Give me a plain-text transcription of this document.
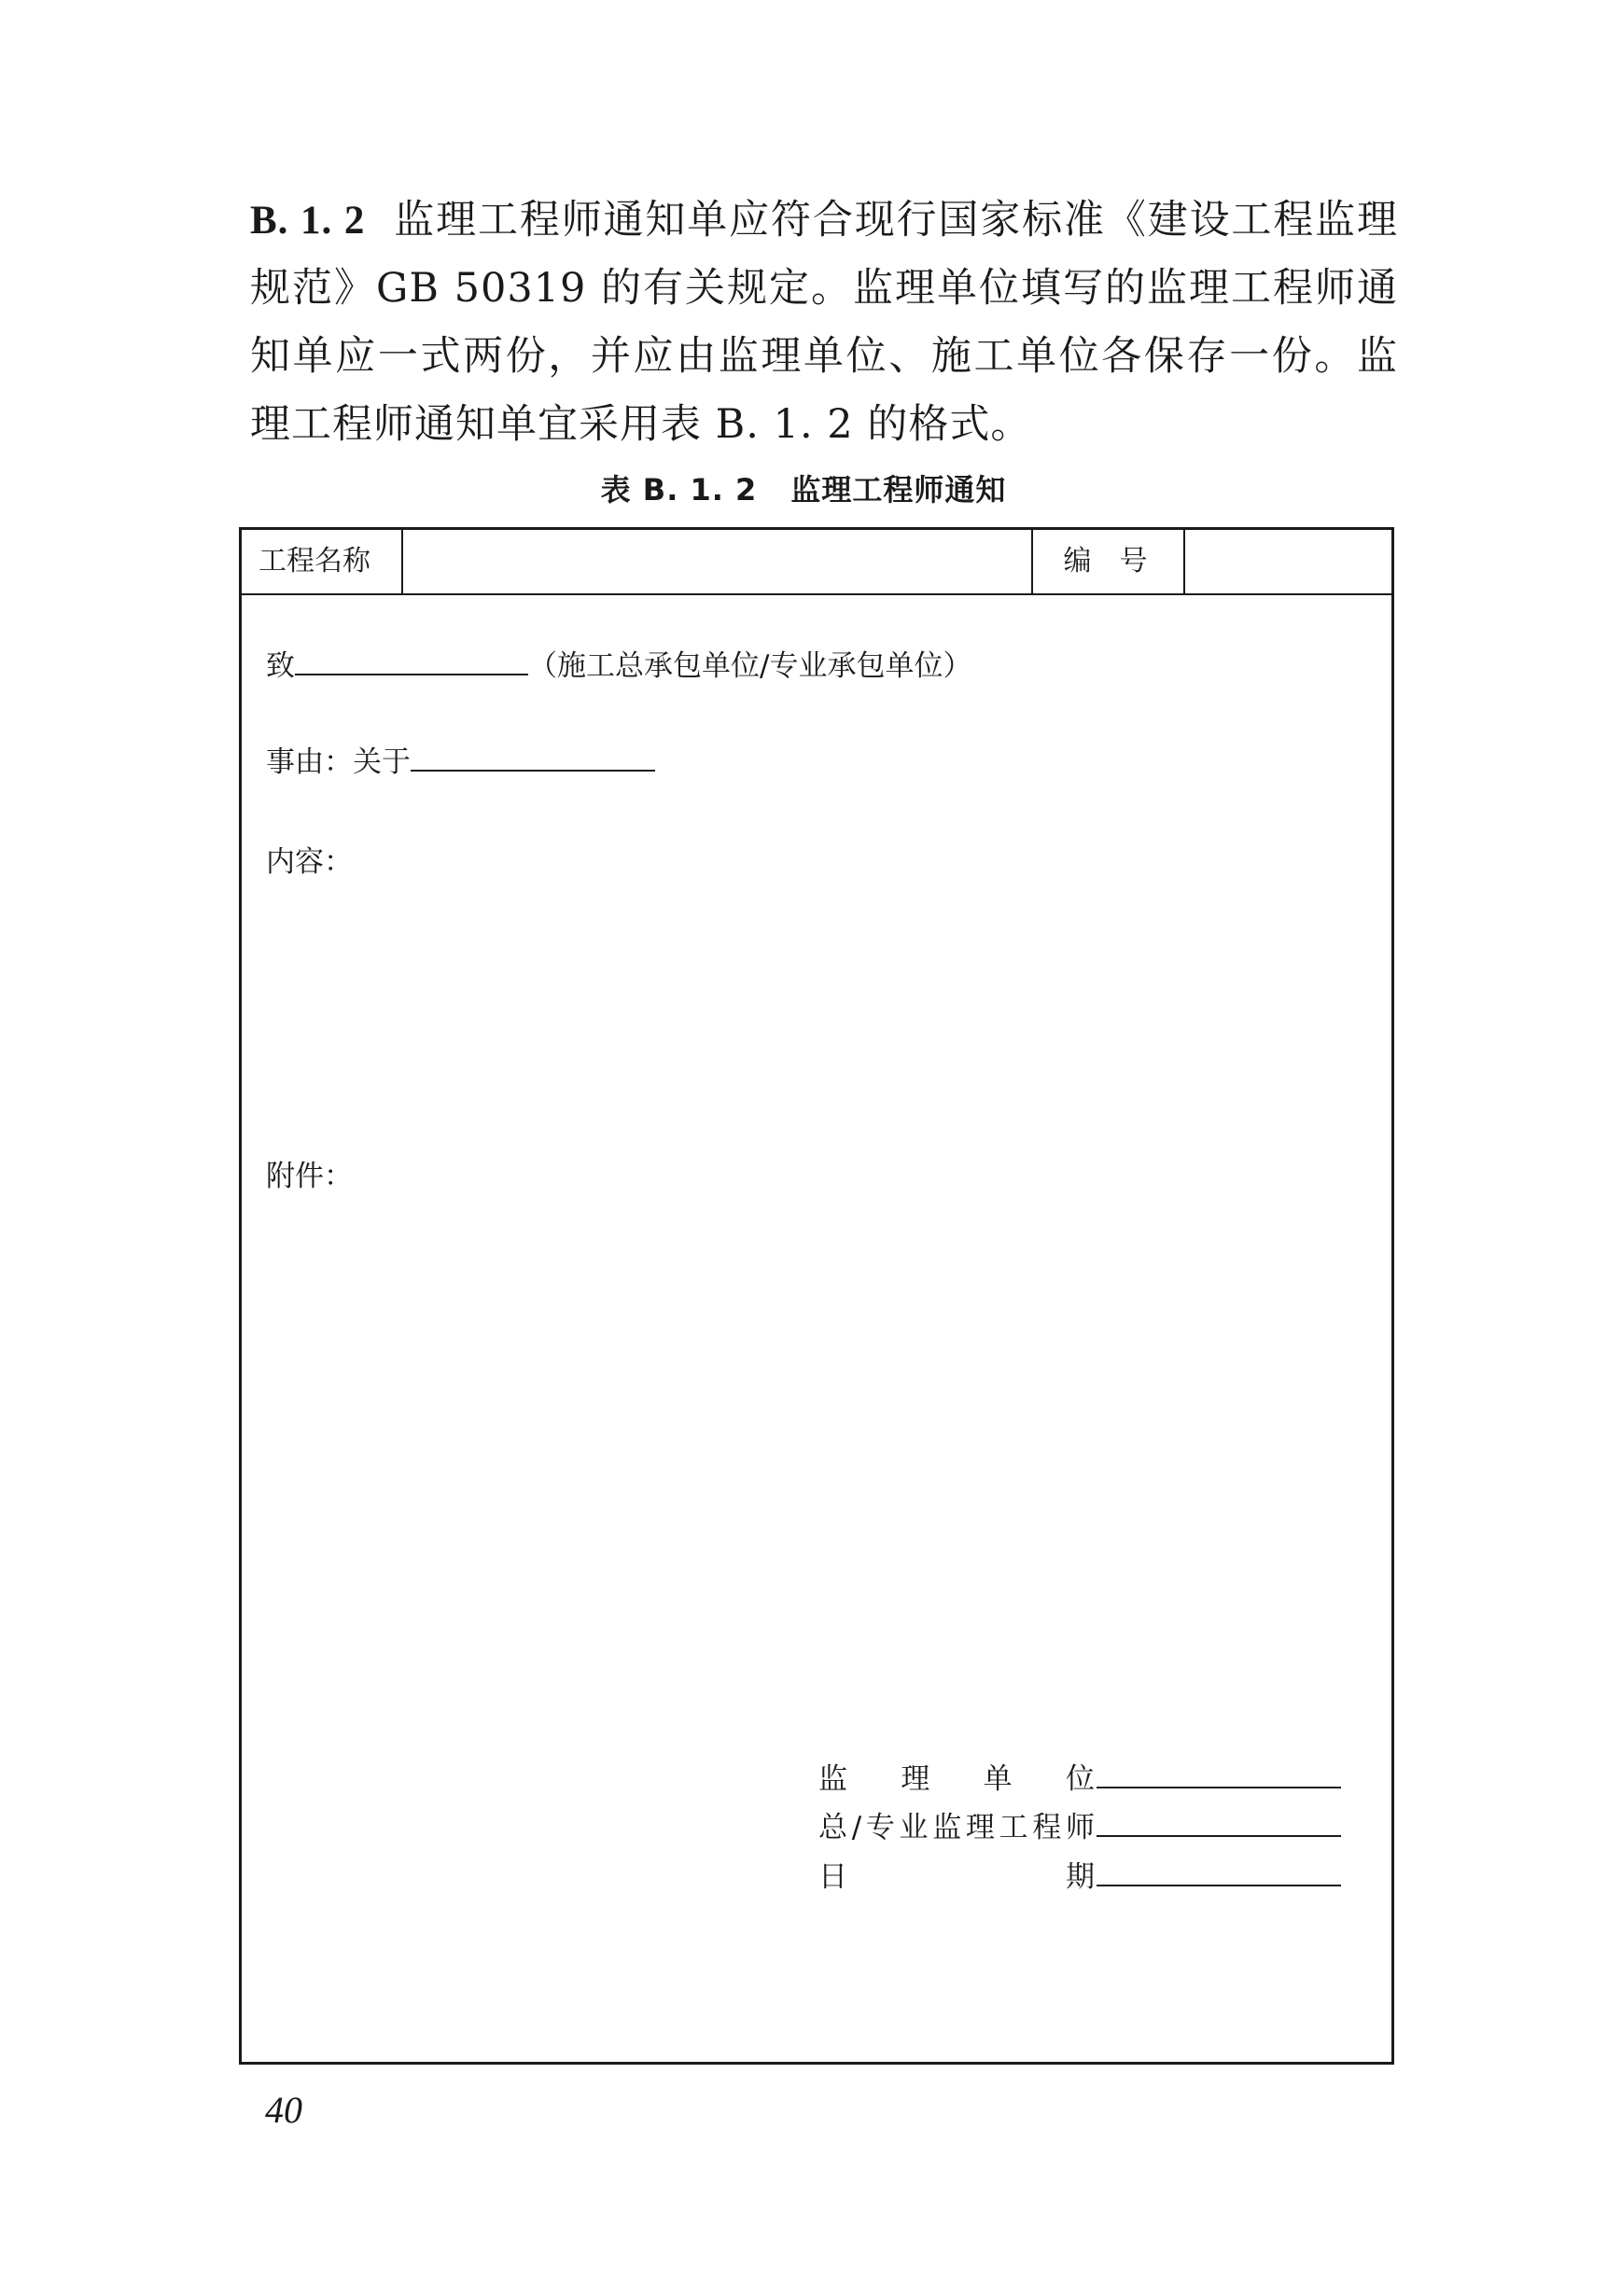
B. 1. 2 监理工程师通知单应符合现行国家标准《建设工程监理规范》GB 50319 的有关规定。监理单位填写的监理工程师通知单应一式两份，并应由监理单位、施工单位各保存一份。监理工程师通知单宜采用表 B. 1. 2 的格式。
表 B. 1. 2 监理工程师通知
工程名称	编号
致	（施工总承包单位/专业承包单位）
事由：关于
内容：
附件：
监理单位
总/专业监理工程师
日期
40
